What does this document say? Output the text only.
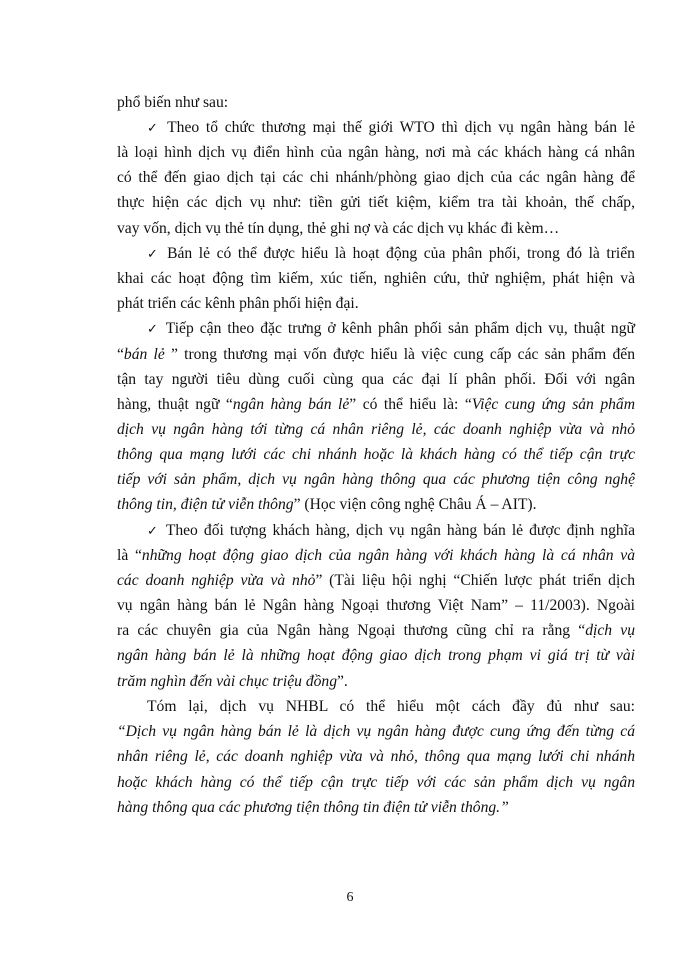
phổ biến như sau:
✓ Theo tổ chức thương mại thế giới WTO thì dịch vụ ngân hàng bán lẻ
là loại hình dịch vụ điển hình của ngân hàng, nơi mà các khách hàng cá nhân
có thể đến giao dịch tại các chi nhánh/phòng giao dịch của các ngân hàng để
thực hiện các dịch vụ như: tiền gửi tiết kiệm, kiểm tra tài khoản, thế chấp,
vay vốn, dịch vụ thẻ tín dụng, thẻ ghi nợ và các dịch vụ khác đi kèm…
✓ Bán lẻ có thể được hiểu là hoạt động của phân phối, trong đó là triển
khai các hoạt động tìm kiếm, xúc tiến, nghiên cứu, thử nghiệm, phát hiện và
phát triển các kênh phân phối hiện đại.
✓ Tiếp cận theo đặc trưng ở kênh phân phối sản phẩm dịch vụ, thuật ngữ
“bán lẻ ” trong thương mại vốn được hiểu là việc cung cấp các sản phẩm đến
tận tay người tiêu dùng cuối cùng qua các đại lí phân phối. Đối với ngân
hàng, thuật ngữ “ngân hàng bán lẻ” có thể hiểu là: “Việc cung ứng sản phẩm
dịch vụ ngân hàng tới từng cá nhân riêng lẻ, các doanh nghiệp vừa và nhỏ
thông qua mạng lưới các chi nhánh hoặc là khách hàng có thể tiếp cận trực
tiếp với sản phẩm, dịch vụ ngân hàng thông qua các phương tiện công nghệ
thông tin, điện tử viễn thông” (Học viện công nghệ Châu Á – AIT).
✓ Theo đối tượng khách hàng, dịch vụ ngân hàng bán lẻ được định nghĩa
là “những hoạt động giao dịch của ngân hàng với khách hàng là cá nhân và
các doanh nghiệp vừa và nhỏ” (Tài liệu hội nghị “Chiến lược phát triển dịch
vụ ngân hàng bán lẻ Ngân hàng Ngoại thương Việt Nam” – 11/2003). Ngoài
ra các chuyên gia của Ngân hàng Ngoại thương cũng chỉ ra rằng “dịch vụ
ngân hàng bán lẻ là những hoạt động giao dịch trong phạm vi giá trị từ vài
trăm nghìn đến vài chục triệu đồng”.
Tóm lại, dịch vụ NHBL có thể hiểu một cách đầy đủ như sau:
“Dịch vụ ngân hàng bán lẻ là dịch vụ ngân hàng được cung ứng đến từng cá
nhân riêng lẻ, các doanh nghiệp vừa và nhỏ, thông qua mạng lưới chi nhánh
hoặc khách hàng có thể tiếp cận trực tiếp với các sản phẩm dịch vụ ngân
hàng thông qua các phương tiện thông tin điện tử viễn thông.”
6
